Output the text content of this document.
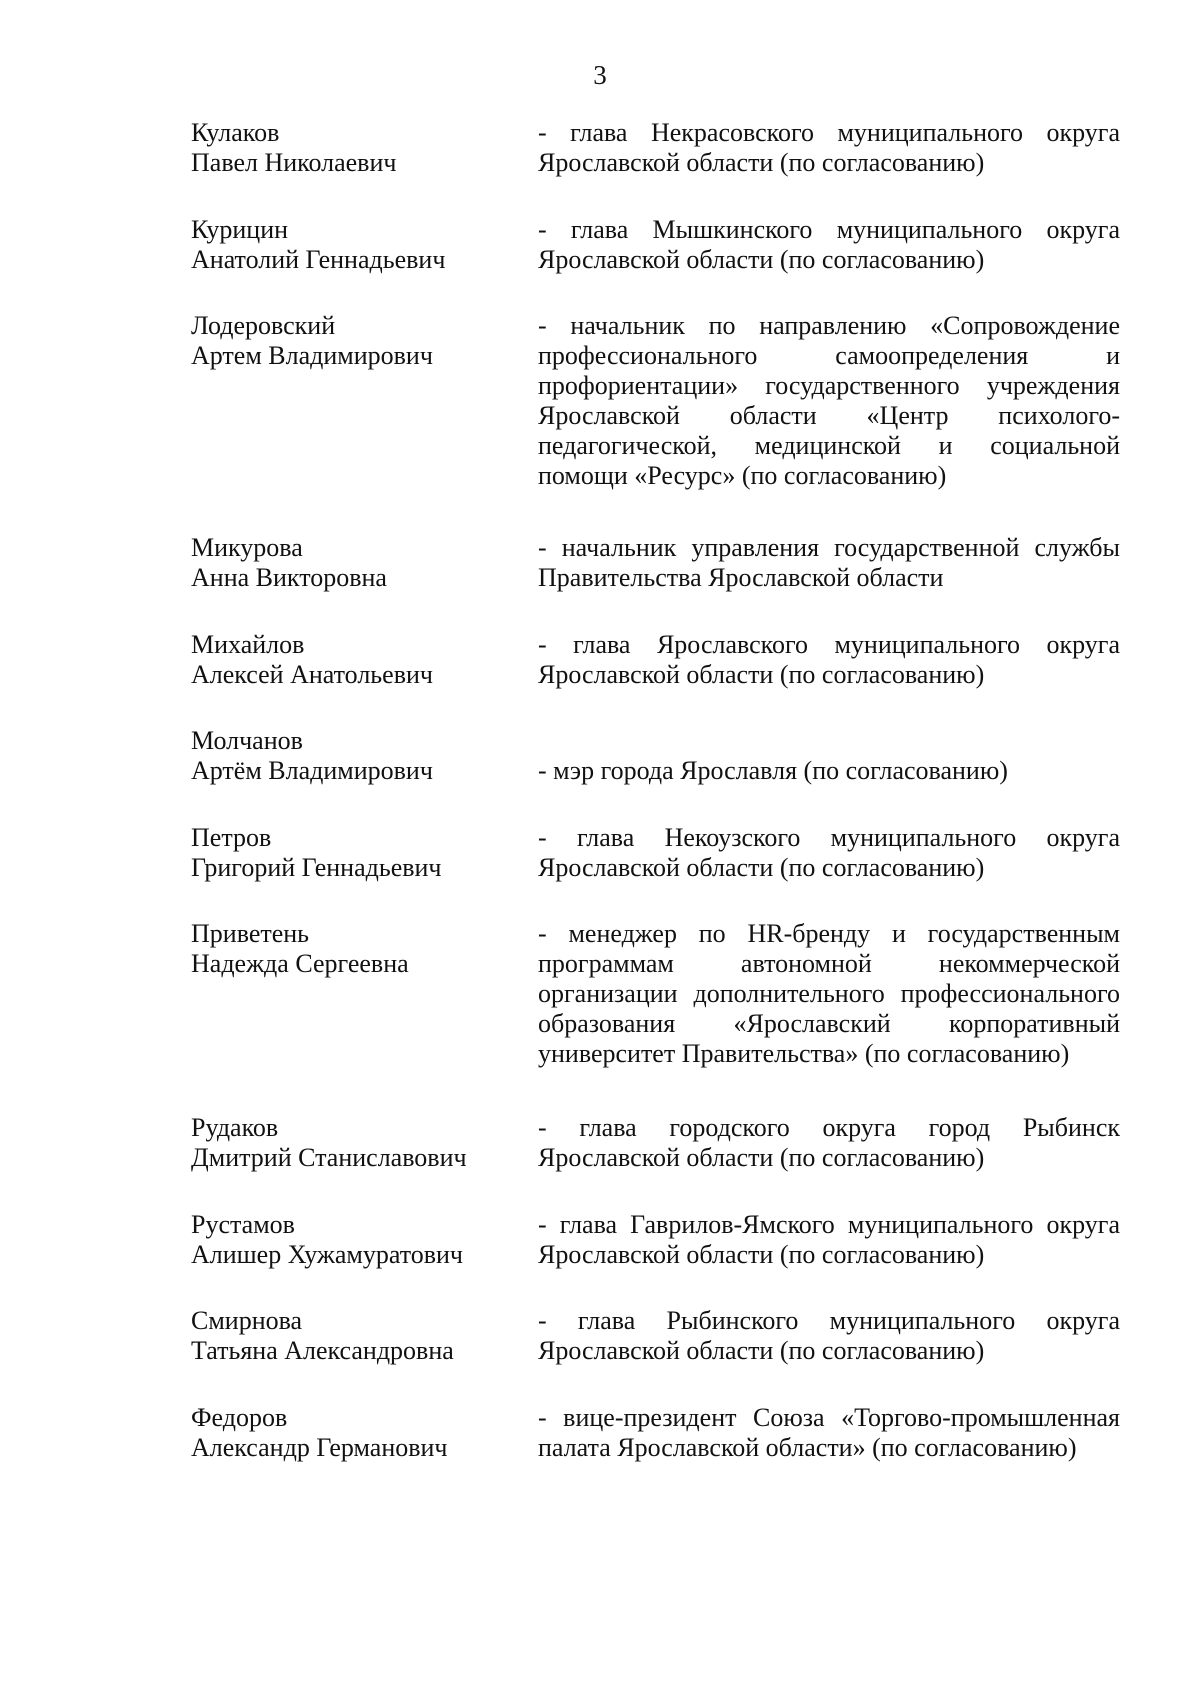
3
Кулаков
Павел Николаевич
- глава Некрасовского муниципального округа Ярославской области (по согласованию)
Курицин
Анатолий Геннадьевич
- глава Мышкинского муниципального округа Ярославской области (по согласованию)
Лодеровский
Артем Владимирович
- начальник по направлению «Сопровождение профессионального самоопределения и профориентации» государственного учреждения Ярославской области «Центр психолого-педагогической, медицинской и социальной помощи «Ресурс» (по согласованию)
Микурова
Анна Викторовна
- начальник управления государственной службы Правительства Ярославской области
Михайлов
Алексей Анатольевич
- глава Ярославского муниципального округа Ярославской области (по согласованию)
Молчанов
Артём Владимирович	- мэр города Ярославля (по согласованию)
Петров
Григорий Геннадьевич
- глава Некоузского муниципального округа Ярославской области (по согласованию)
Приветень
Надежда Сергеевна
- менеджер по HR-бренду и государственным программам автономной некоммерческой организации дополнительного профессионального образования «Ярославский корпоративный университет Правительства» (по согласованию)
Рудаков
Дмитрий Станиславович
- глава городского округа город Рыбинск Ярославской области (по согласованию)
Рустамов
Алишер Хужамуратович
- глава Гаврилов-Ямского муниципального округа Ярославской области (по согласованию)
Смирнова
Татьяна Александровна
- глава Рыбинского муниципального округа Ярославской области (по согласованию)
Федоров
Александр Германович
- вице-президент Союза «Торгово-промышленная палата Ярославской области» (по согласованию)
